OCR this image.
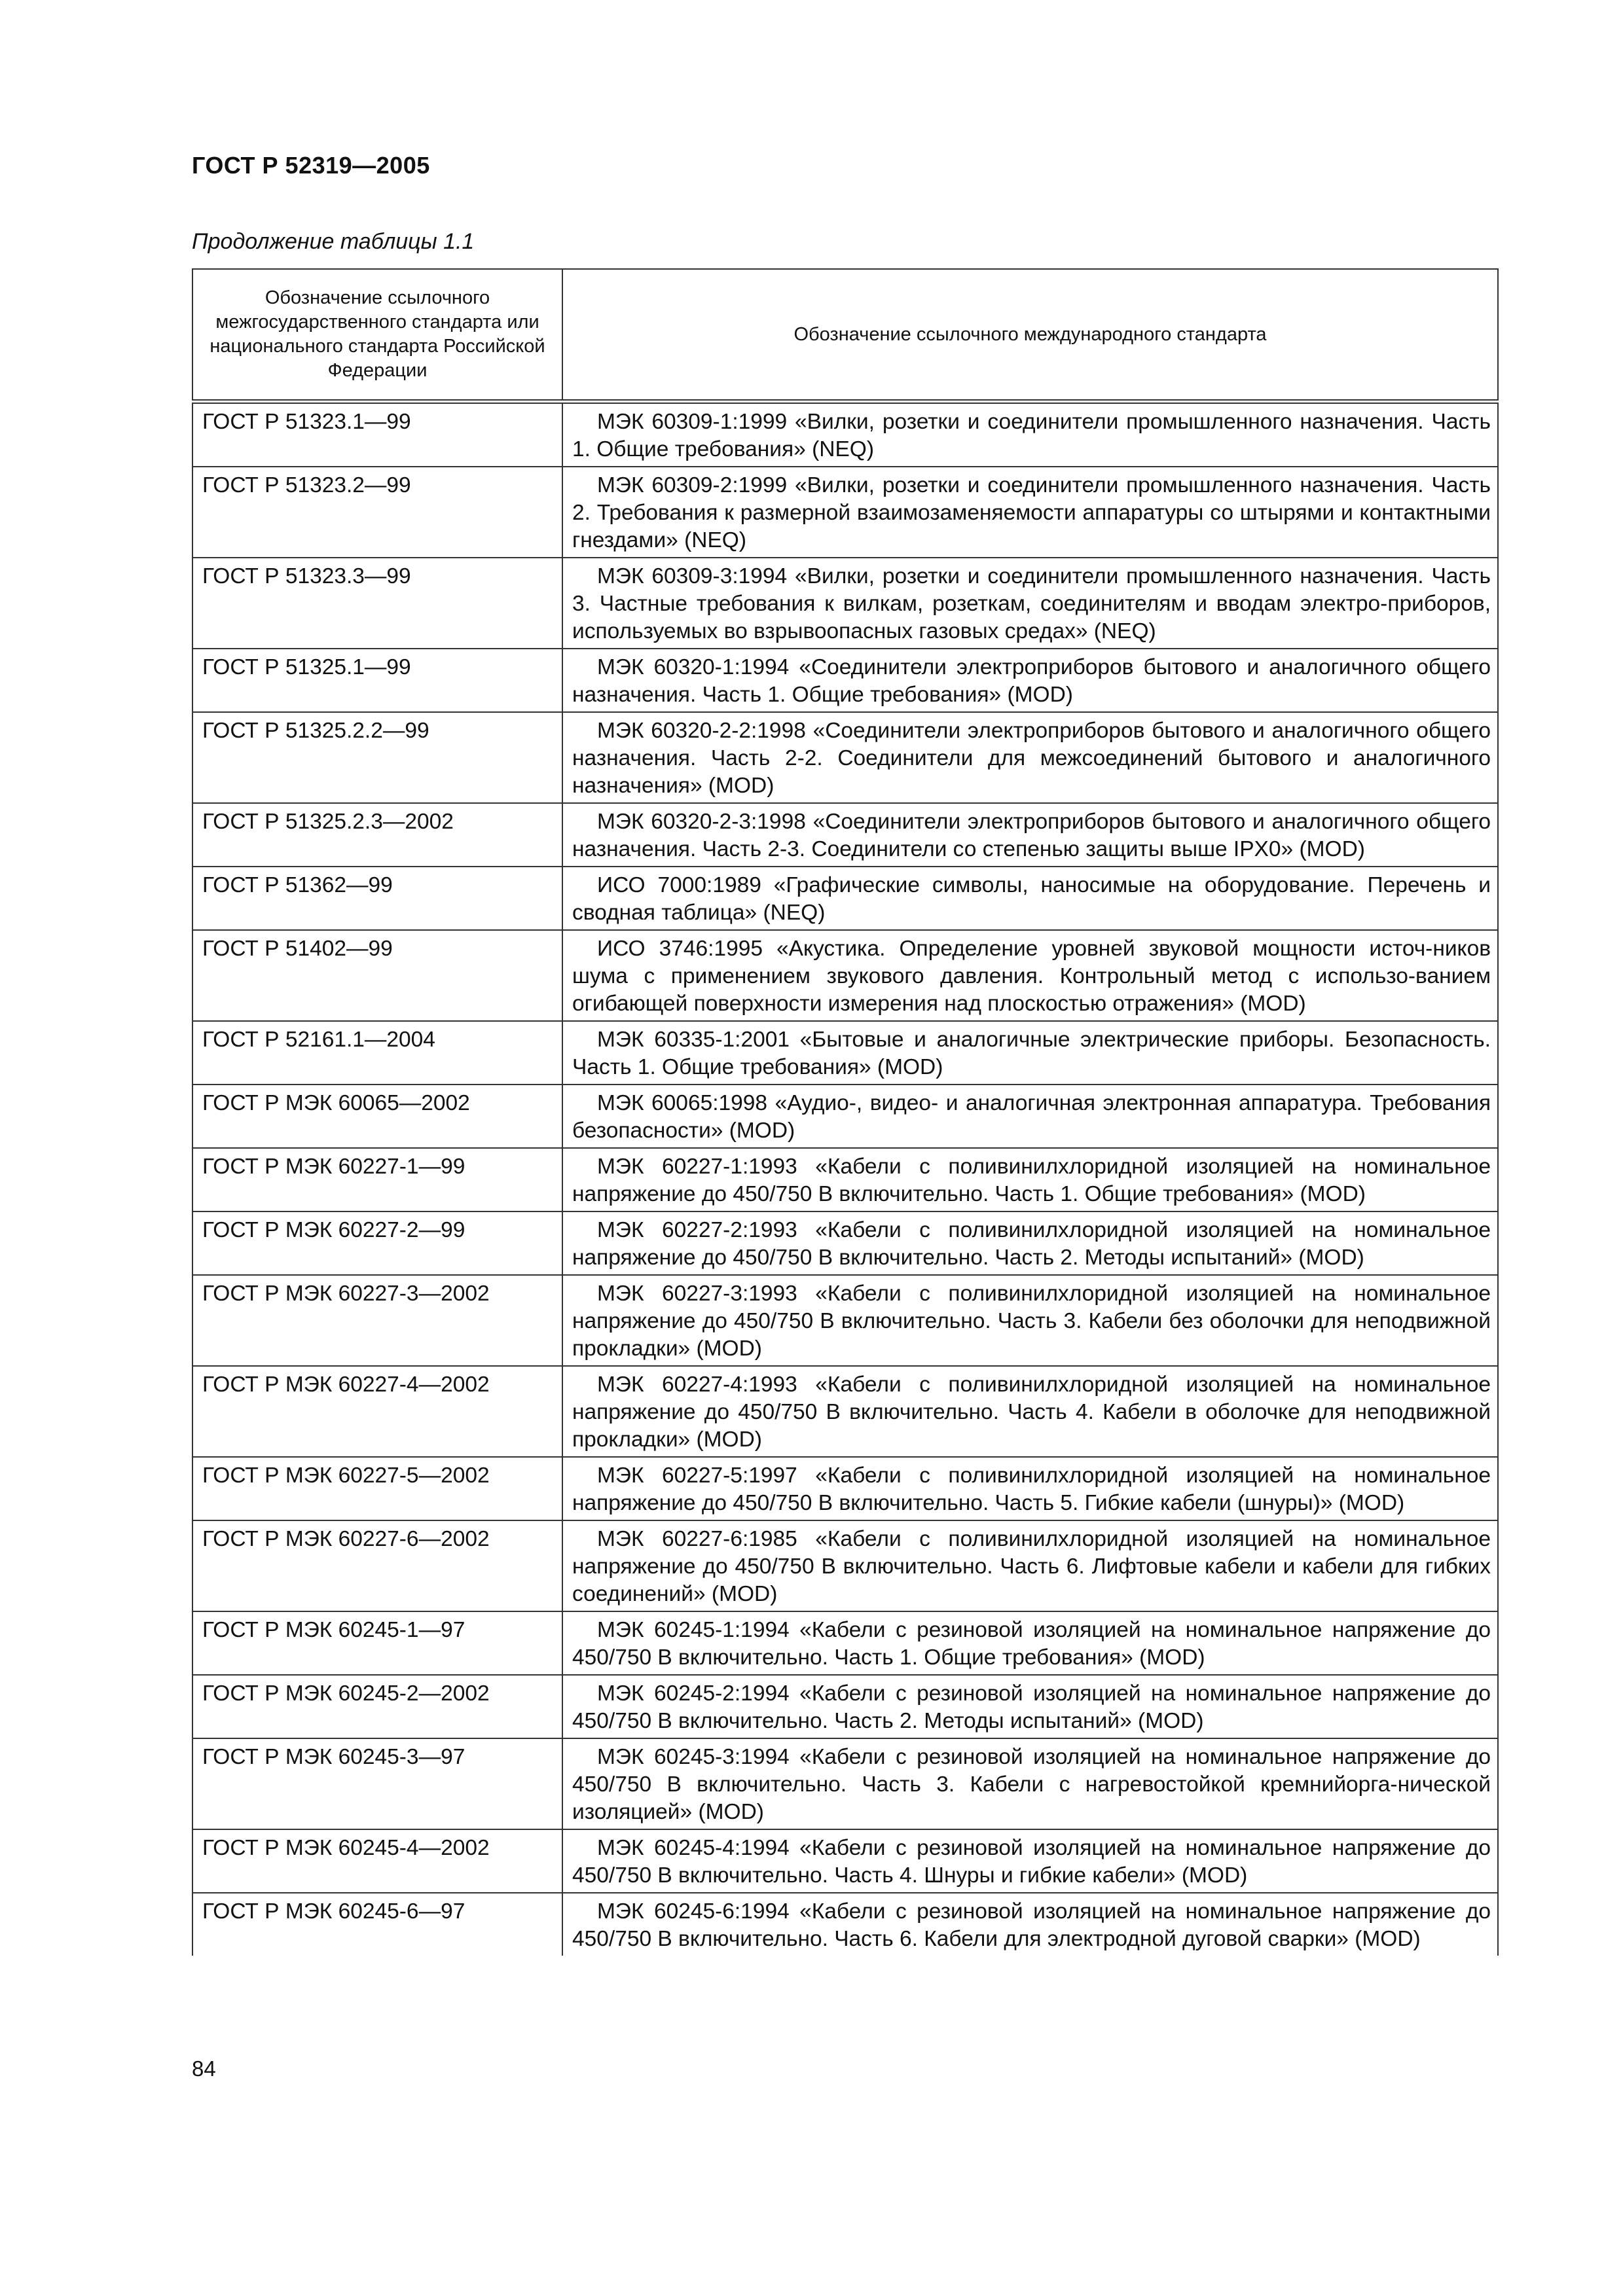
ГОСТ Р 52319—2005
Продолжение таблицы 1.1
Обозначение ссылочного межгосударственного стандарта или национального стандарта Российской Федерации	Обозначение ссылочного международного стандарта
ГОСТ Р 51323.1—99	МЭК 60309-1:1999 «Вилки, розетки и соединители промышленного назначения. Часть 1. Общие требования» (NEQ)
ГОСТ Р 51323.2—99	МЭК 60309-2:1999 «Вилки, розетки и соединители промышленного назначения. Часть 2. Требования к размерной взаимозаменяемости аппаратуры со штырями и контактными гнездами» (NEQ)
ГОСТ Р 51323.3—99	МЭК 60309-3:1994 «Вилки, розетки и соединители промышленного назначения. Часть 3. Частные требования к вилкам, розеткам, соединителям и вводам электро-приборов, используемых во взрывоопасных газовых средах» (NEQ)
ГОСТ Р 51325.1—99	МЭК 60320-1:1994 «Соединители электроприборов бытового и аналогичного общего назначения. Часть 1. Общие требования» (MOD)
ГОСТ Р 51325.2.2—99	МЭК 60320-2-2:1998 «Соединители электроприборов бытового и аналогичного общего назначения. Часть 2-2. Соединители для межсоединений бытового и аналогичного назначения» (MOD)
ГОСТ Р 51325.2.3—2002	МЭК 60320-2-3:1998 «Соединители электроприборов бытового и аналогичного общего назначения. Часть 2-3. Соединители со степенью защиты выше IPX0» (MOD)
ГОСТ Р 51362—99	ИСО 7000:1989 «Графические символы, наносимые на оборудование. Перечень и сводная таблица» (NEQ)
ГОСТ Р 51402—99	ИСО 3746:1995 «Акустика. Определение уровней звуковой мощности источ-ников шума с применением звукового давления. Контрольный метод с использо-ванием огибающей поверхности измерения над плоскостью отражения» (MOD)
ГОСТ Р 52161.1—2004	МЭК 60335-1:2001 «Бытовые и аналогичные электрические приборы. Безопасность. Часть 1. Общие требования» (MOD)
ГОСТ Р МЭК 60065—2002	МЭК 60065:1998 «Аудио-, видео- и аналогичная электронная аппаратура. Требования безопасности» (MOD)
ГОСТ Р МЭК 60227-1—99	МЭК 60227-1:1993 «Кабели с поливинилхлоридной изоляцией на номинальное напряжение до 450/750 В включительно. Часть 1. Общие требования» (MOD)
ГОСТ Р МЭК 60227-2—99	МЭК 60227-2:1993 «Кабели с поливинилхлоридной изоляцией на номинальное напряжение до 450/750 В включительно. Часть 2. Методы испытаний» (MOD)
ГОСТ Р МЭК 60227-3—2002	МЭК 60227-3:1993 «Кабели с поливинилхлоридной изоляцией на номинальное напряжение до 450/750 В включительно. Часть 3. Кабели без оболочки для неподвижной прокладки» (MOD)
ГОСТ Р МЭК 60227-4—2002	МЭК 60227-4:1993 «Кабели с поливинилхлоридной изоляцией на номинальное напряжение до 450/750 В включительно. Часть 4. Кабели в оболочке для неподвижной прокладки» (MOD)
ГОСТ Р МЭК 60227-5—2002	МЭК 60227-5:1997 «Кабели с поливинилхлоридной изоляцией на номинальное напряжение до 450/750 В включительно. Часть 5. Гибкие кабели (шнуры)» (MOD)
ГОСТ Р МЭК 60227-6—2002	МЭК 60227-6:1985 «Кабели с поливинилхлоридной изоляцией на номинальное напряжение до 450/750 В включительно. Часть 6. Лифтовые кабели и кабели для гибких соединений» (MOD)
ГОСТ Р МЭК 60245-1—97	МЭК 60245-1:1994 «Кабели с резиновой изоляцией на номинальное напряжение до 450/750 В включительно. Часть 1. Общие требования» (MOD)
ГОСТ Р МЭК 60245-2—2002	МЭК 60245-2:1994 «Кабели с резиновой изоляцией на номинальное напряжение до 450/750 В включительно. Часть 2. Методы испытаний» (MOD)
ГОСТ Р МЭК 60245-3—97	МЭК 60245-3:1994 «Кабели с резиновой изоляцией на номинальное напряжение до 450/750 В включительно. Часть 3. Кабели с нагревостойкой кремнийорга-нической изоляцией» (MOD)
ГОСТ Р МЭК 60245-4—2002	МЭК 60245-4:1994 «Кабели с резиновой изоляцией на номинальное напряжение до 450/750 В включительно. Часть 4. Шнуры и гибкие кабели» (MOD)
ГОСТ Р МЭК 60245-6—97	МЭК 60245-6:1994 «Кабели с резиновой изоляцией на номинальное напряжение до 450/750 В включительно. Часть 6. Кабели для электродной дуговой сварки» (MOD)
84
